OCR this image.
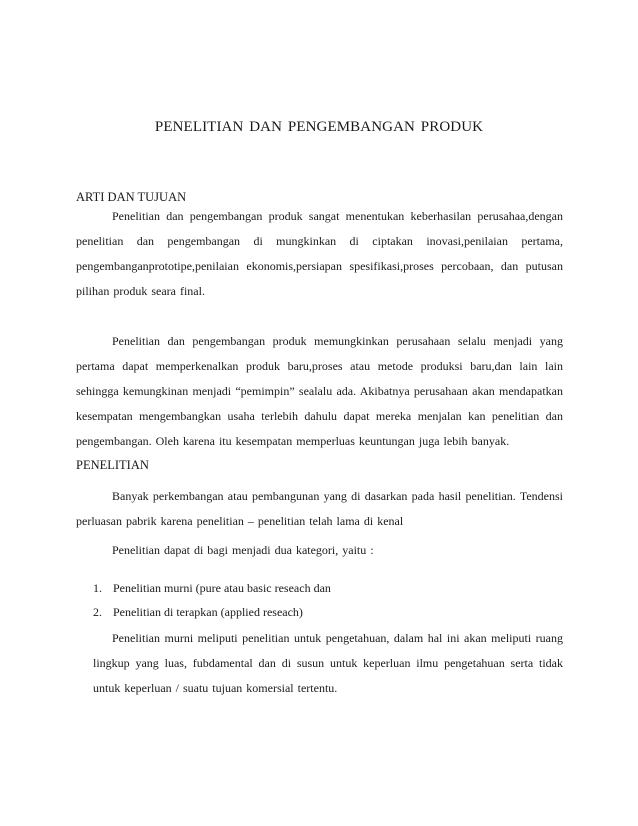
PENELITIAN DAN PENGEMBANGAN PRODUK
ARTI DAN TUJUAN

Penelitian dan pengembangan produk sangat menentukan keberhasilan perusahaa,dengan penelitian dan pengembangan di mungkinkan di ciptakan inovasi,penilaian pertama, pengembanganprototipe,penilaian ekonomis,persiapan spesifikasi,proses percobaan, dan putusan pilihan produk seara final.

Penelitian dan pengembangan produk memungkinkan perusahaan selalu menjadi yang pertama dapat memperkenalkan produk baru,proses atau metode produksi baru,dan lain lain sehingga kemungkinan menjadi “pemimpin” sealalu ada. Akibatnya perusahaan akan mendapatkan kesempatan mengembangkan usaha terlebih dahulu dapat mereka menjalan kan penelitian dan pengembangan. Oleh karena itu kesempatan memperluas keuntungan juga lebih banyak.

PENELITIAN

Banyak perkembangan atau pembangunan yang di dasarkan pada hasil penelitian. Tendensi perluasan pabrik karena penelitian – penelitian telah lama di kenal

Penelitian dapat di bagi menjadi dua kategori, yaitu :

1. Penelitian murni (pure atau basic reseach dan
2. Penelitian di terapkan (applied reseach)

Penelitian murni meliputi penelitian untuk pengetahuan, dalam hal ini akan meliputi ruang lingkup yang luas, fubdamental dan di susun untuk keperluan ilmu pengetahuan serta tidak untuk keperluan / suatu tujuan komersial tertentu.
